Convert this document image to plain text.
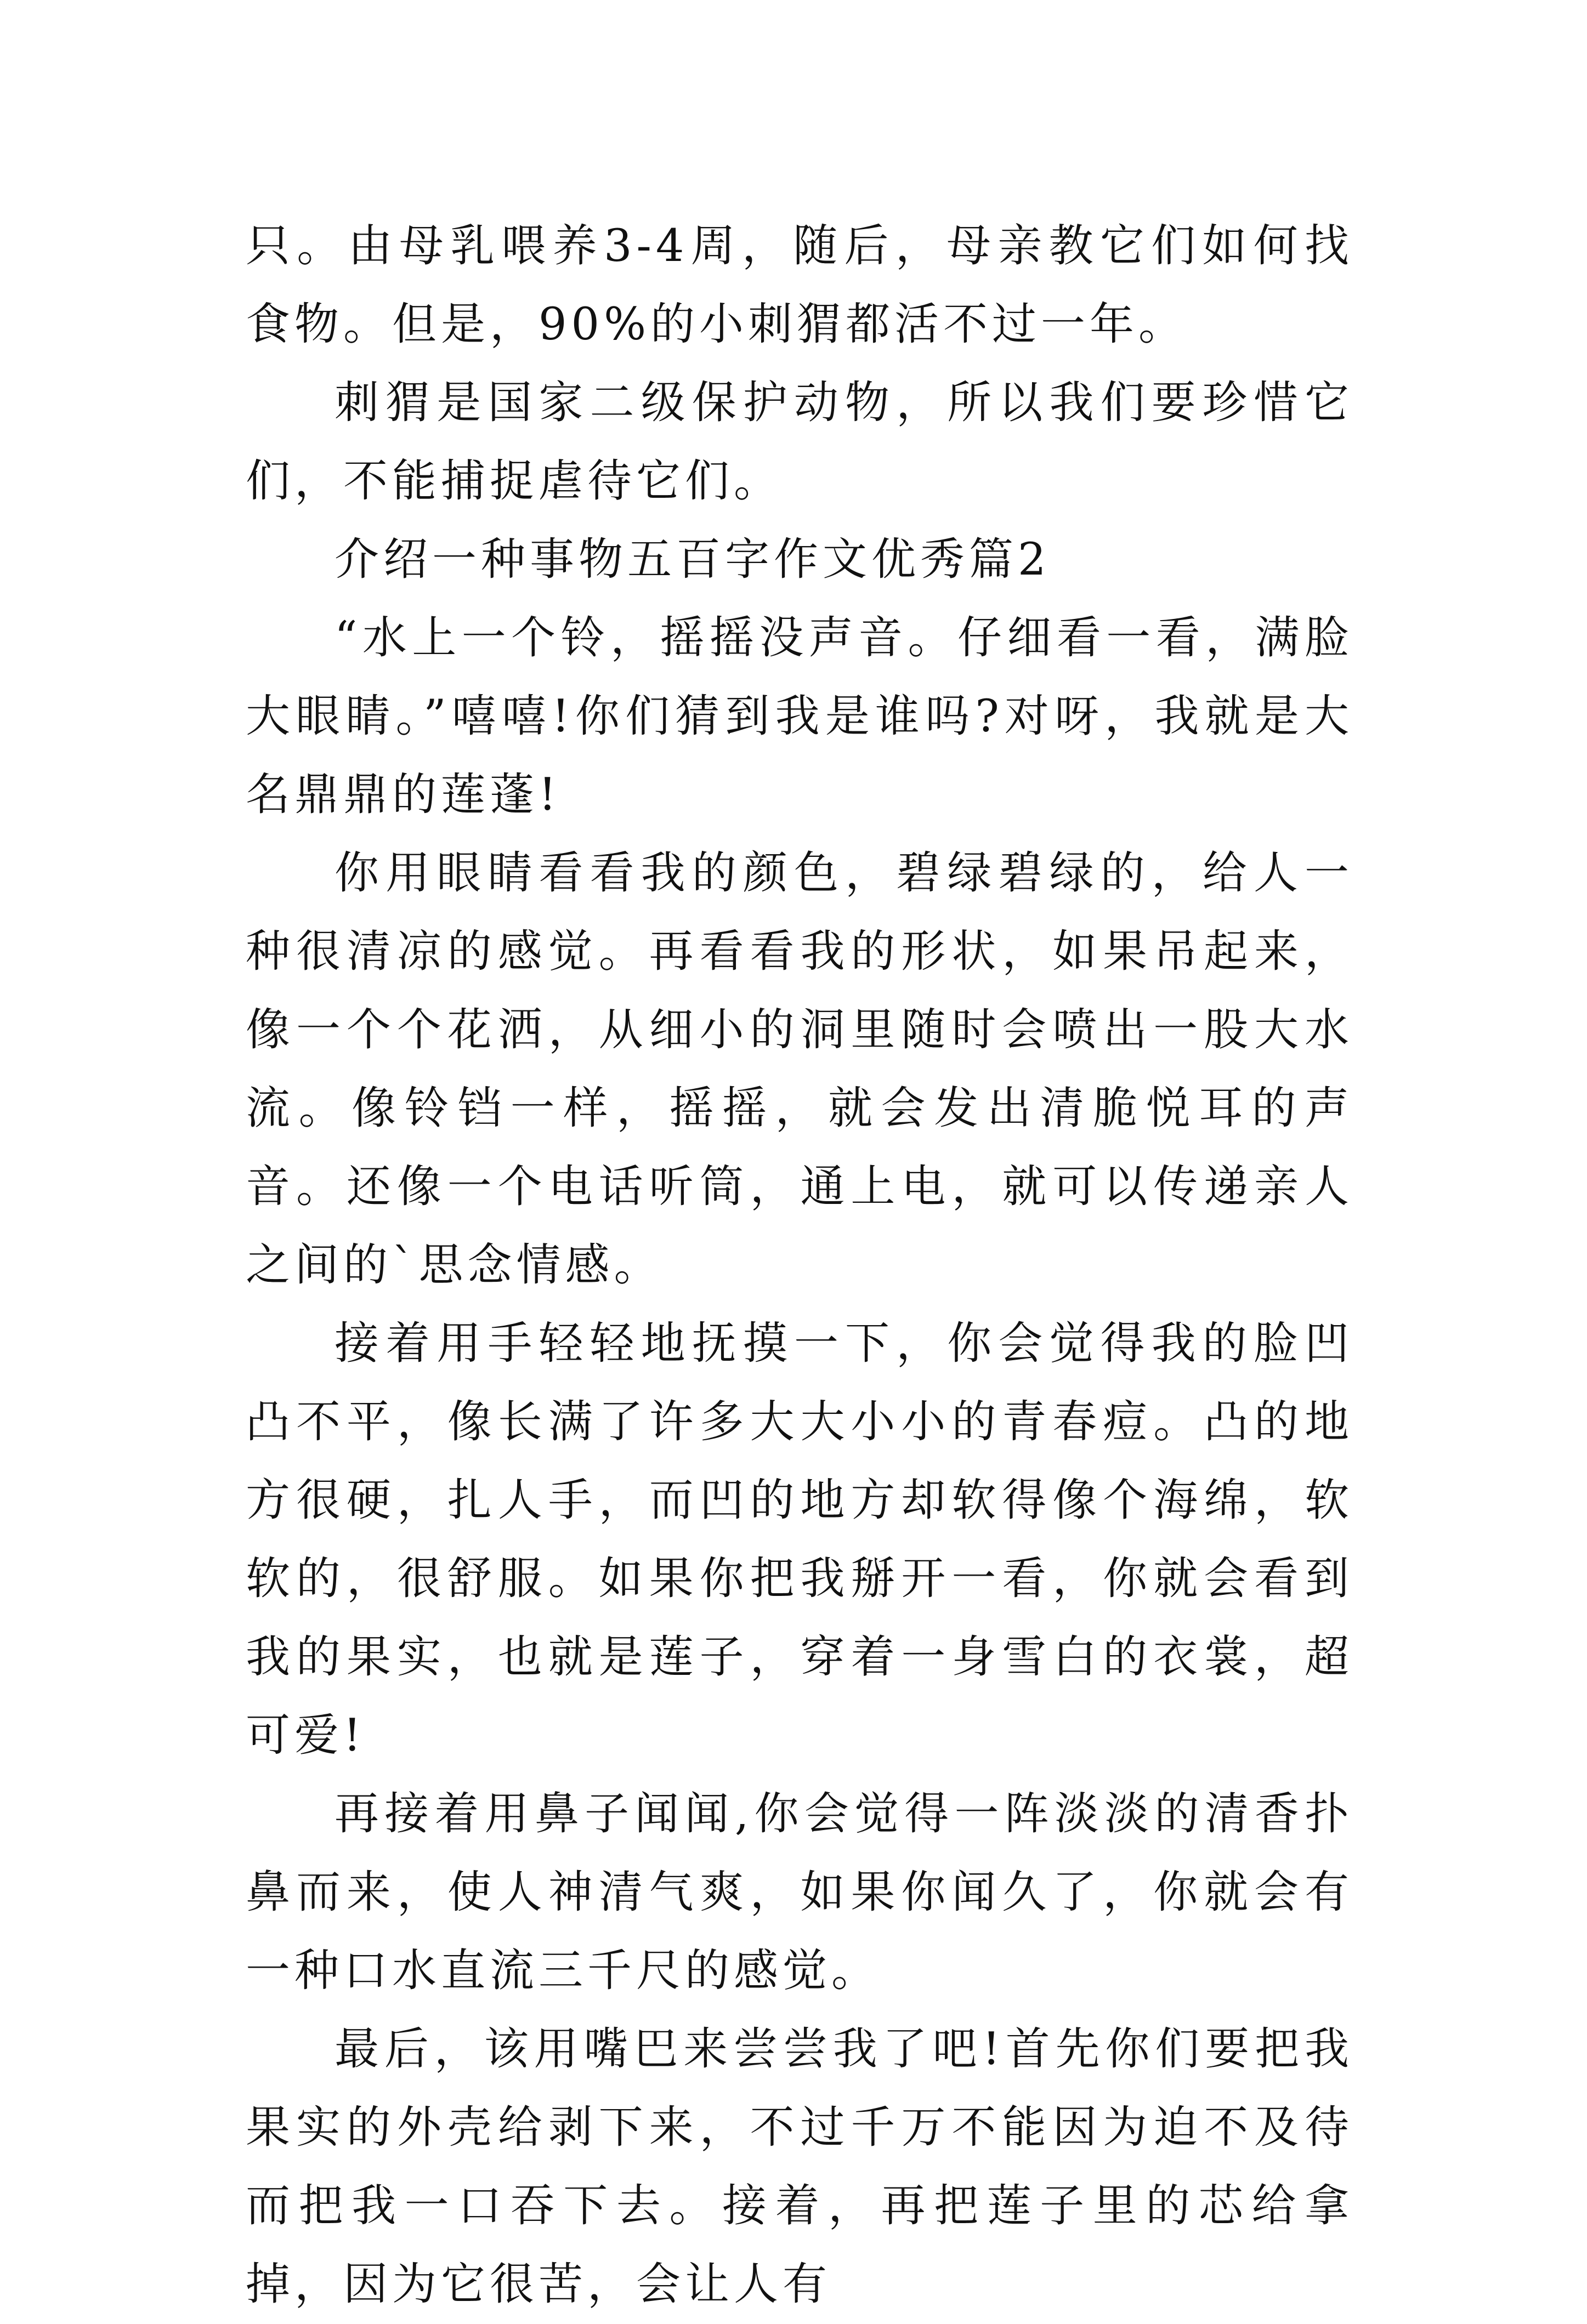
只。由母乳喂养3-4周，随后，母亲教它们如何找食物。但是，90%的小刺猬都活不过一年。

刺猬是国家二级保护动物，所以我们要珍惜它们，不能捕捉虐待它们。

介绍一种事物五百字作文优秀篇2

“水上一个铃，摇摇没声音。仔细看一看，满脸大眼睛。”嘻嘻!你们猜到我是谁吗?对呀，我就是大名鼎鼎的莲蓬!

你用眼睛看看我的颜色，碧绿碧绿的，给人一种很清凉的感觉。再看看我的形状，如果吊起来，像一个个花洒，从细小的洞里随时会喷出一股大水流。像铃铛一样，摇摇，就会发出清脆悦耳的声音。还像一个电话听筒，通上电，就可以传递亲人之间的`思念情感。

接着用手轻轻地抚摸一下，你会觉得我的脸凹凸不平，像长满了许多大大小小的青春痘。凸的地方很硬，扎人手，而凹的地方却软得像个海绵，软软的，很舒服。如果你把我掰开一看，你就会看到我的果实，也就是莲子，穿着一身雪白的衣裳，超可爱!

再接着用鼻子闻闻,你会觉得一阵淡淡的清香扑鼻而来，使人神清气爽，如果你闻久了，你就会有一种口水直流三千尺的感觉。

最后，该用嘴巴来尝尝我了吧!首先你们要把我果实的外壳给剥下来，不过千万不能因为迫不及待而把我一口吞下去。接着，再把莲子里的芯给拿掉，因为它很苦，会让人有
